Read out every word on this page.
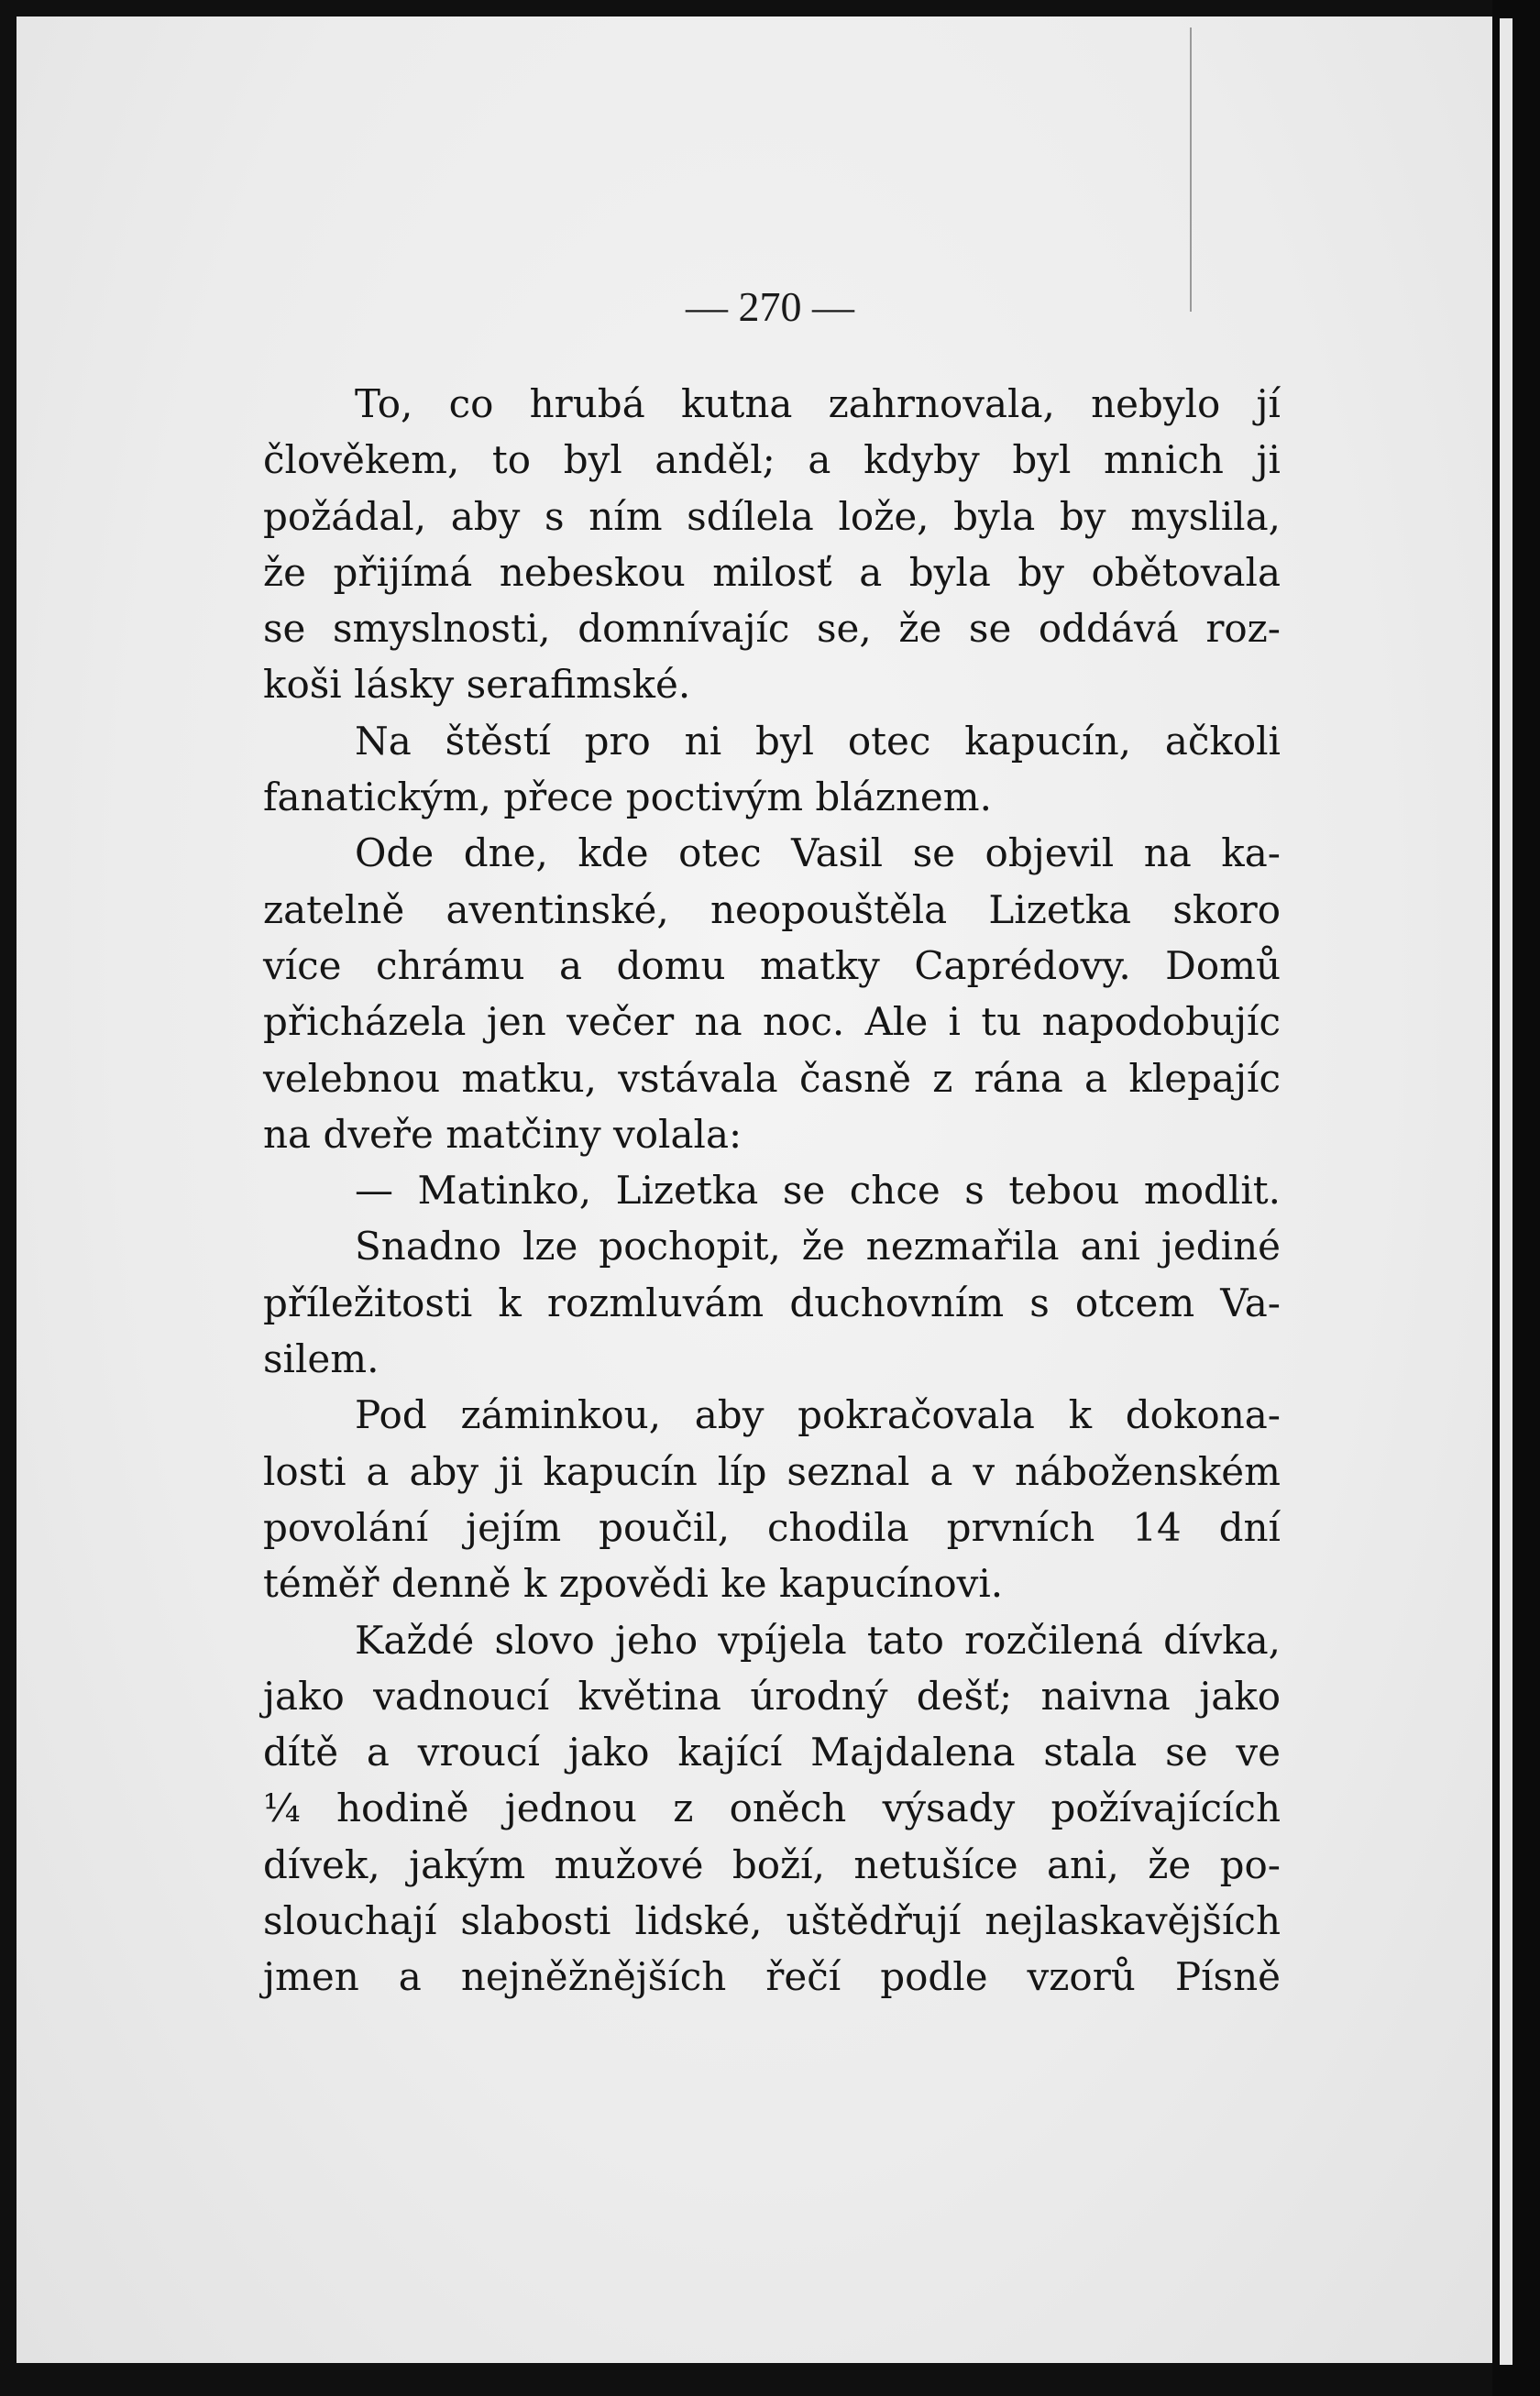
— 270 —
To, co hrubá kutna zahrnovala, nebylo jí
člověkem, to byl anděl; a kdyby byl mnich ji
požádal, aby s ním sdílela lože, byla by myslila,
že přijímá nebeskou milosť a byla by obětovala
se smyslnosti, domnívajíc se, že se oddává roz-
koši lásky serafimské.
Na štěstí pro ni byl otec kapucín, ačkoli
fanatickým, přece poctivým bláznem.
Ode dne, kde otec Vasil se objevil na ka-
zatelně aventinské, neopouštěla Lizetka skoro
více chrámu a domu matky Caprédovy. Domů
přicházela jen večer na noc. Ale i tu napodobujíc
velebnou matku, vstávala časně z rána a klepajíc
na dveře matčiny volala:
— Matinko, Lizetka se chce s tebou modlit.
Snadno lze pochopit, že nezmařila ani jediné
příležitosti k rozmluvám duchovním s otcem Va-
silem.
Pod záminkou, aby pokračovala k dokona-
losti a aby ji kapucín líp seznal a v náboženském
povolání jejím poučil, chodila prvních 14 dní
téměř denně k zpovědi ke kapucínovi.
Každé slovo jeho vpíjela tato rozčilená dívka,
jako vadnoucí květina úrodný dešť; naivna jako
dítě a vroucí jako kající Majdalena stala se ve
¼ hodině jednou z oněch výsady požívajících
dívek, jakým mužové boží, netušíce ani, že po-
slouchají slabosti lidské, uštědřují nejlaskavějších
jmen a nejněžnějších řečí podle vzorů Písně
